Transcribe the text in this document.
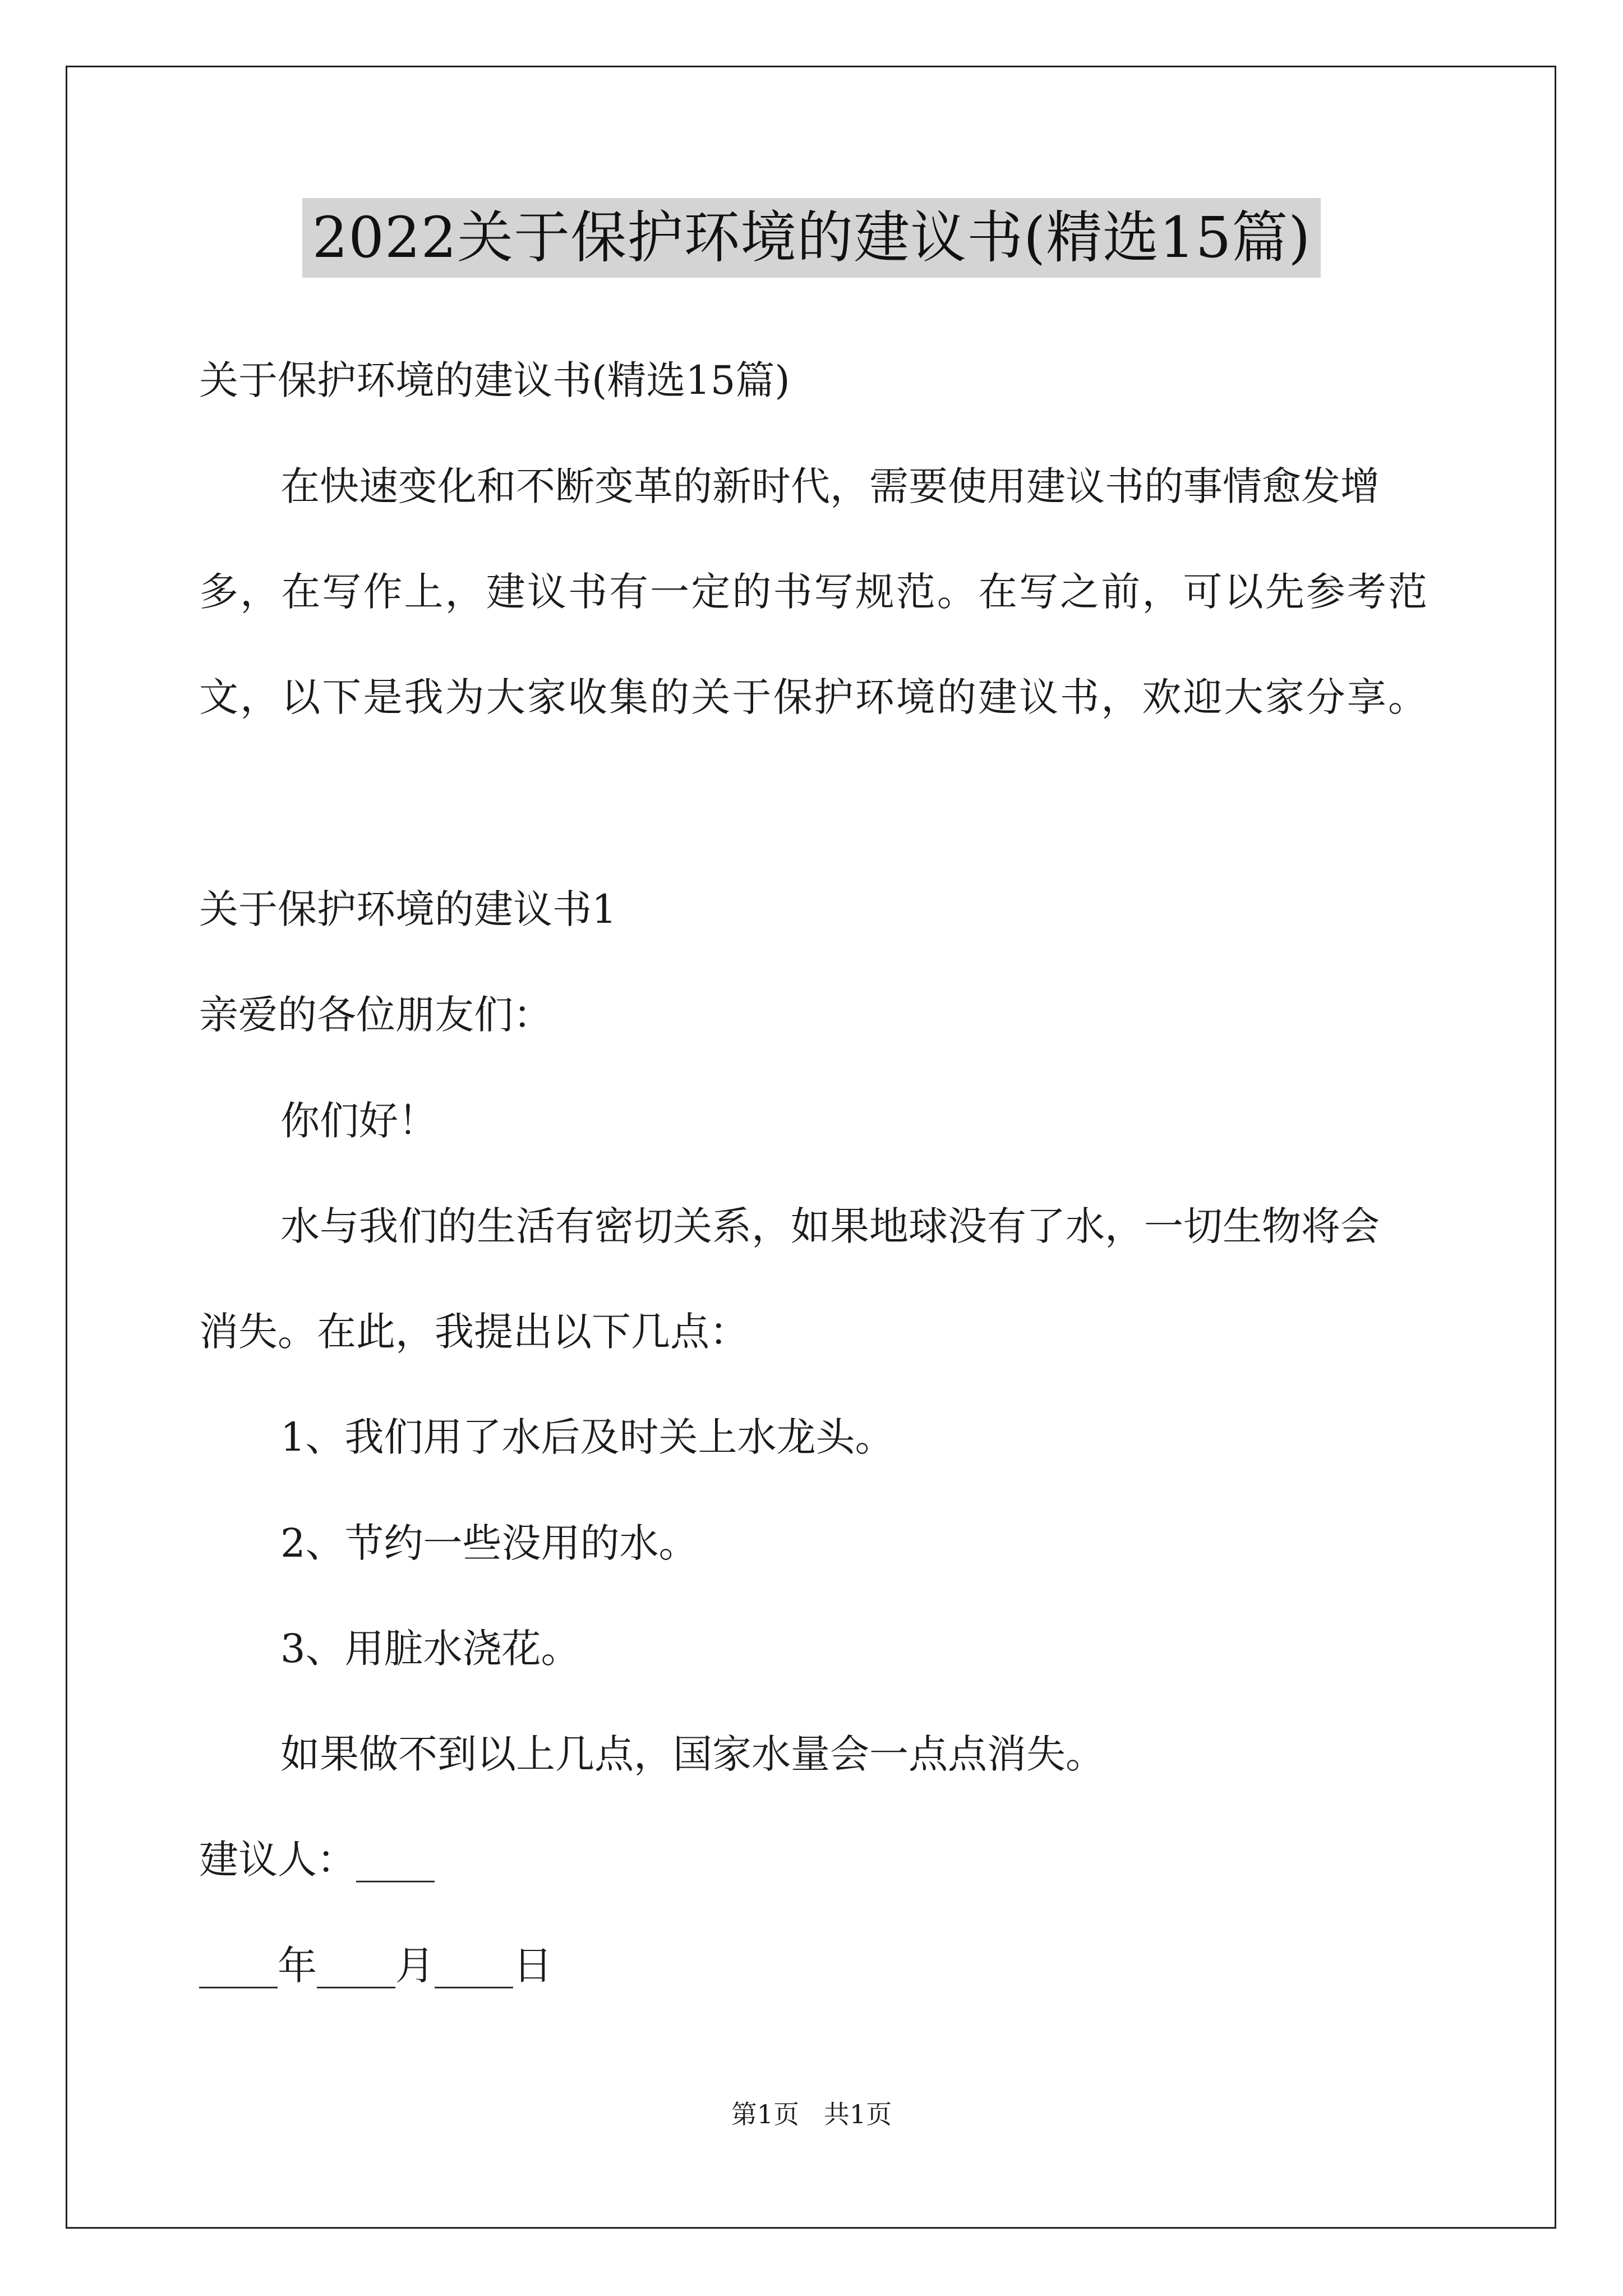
2022关于保护环境的建议书(精选15篇)
关于保护环境的建议书(精选15篇)
在快速变化和不断变革的新时代，需要使用建议书的事情愈发增
多，在写作上，建议书有一定的书写规范。在写之前，可以先参考范
文，以下是我为大家收集的关于保护环境的建议书，欢迎大家分享。
关于保护环境的建议书1
亲爱的各位朋友们：
你们好！
水与我们的生活有密切关系，如果地球没有了水，一切生物将会
消失。在此，我提出以下几点：
1、我们用了水后及时关上水龙头。
2、节约一些没用的水。
3、用脏水浇花。
如果做不到以上几点，国家水量会一点点消失。
建议人：____
____年____月____日
第1页   共1页
